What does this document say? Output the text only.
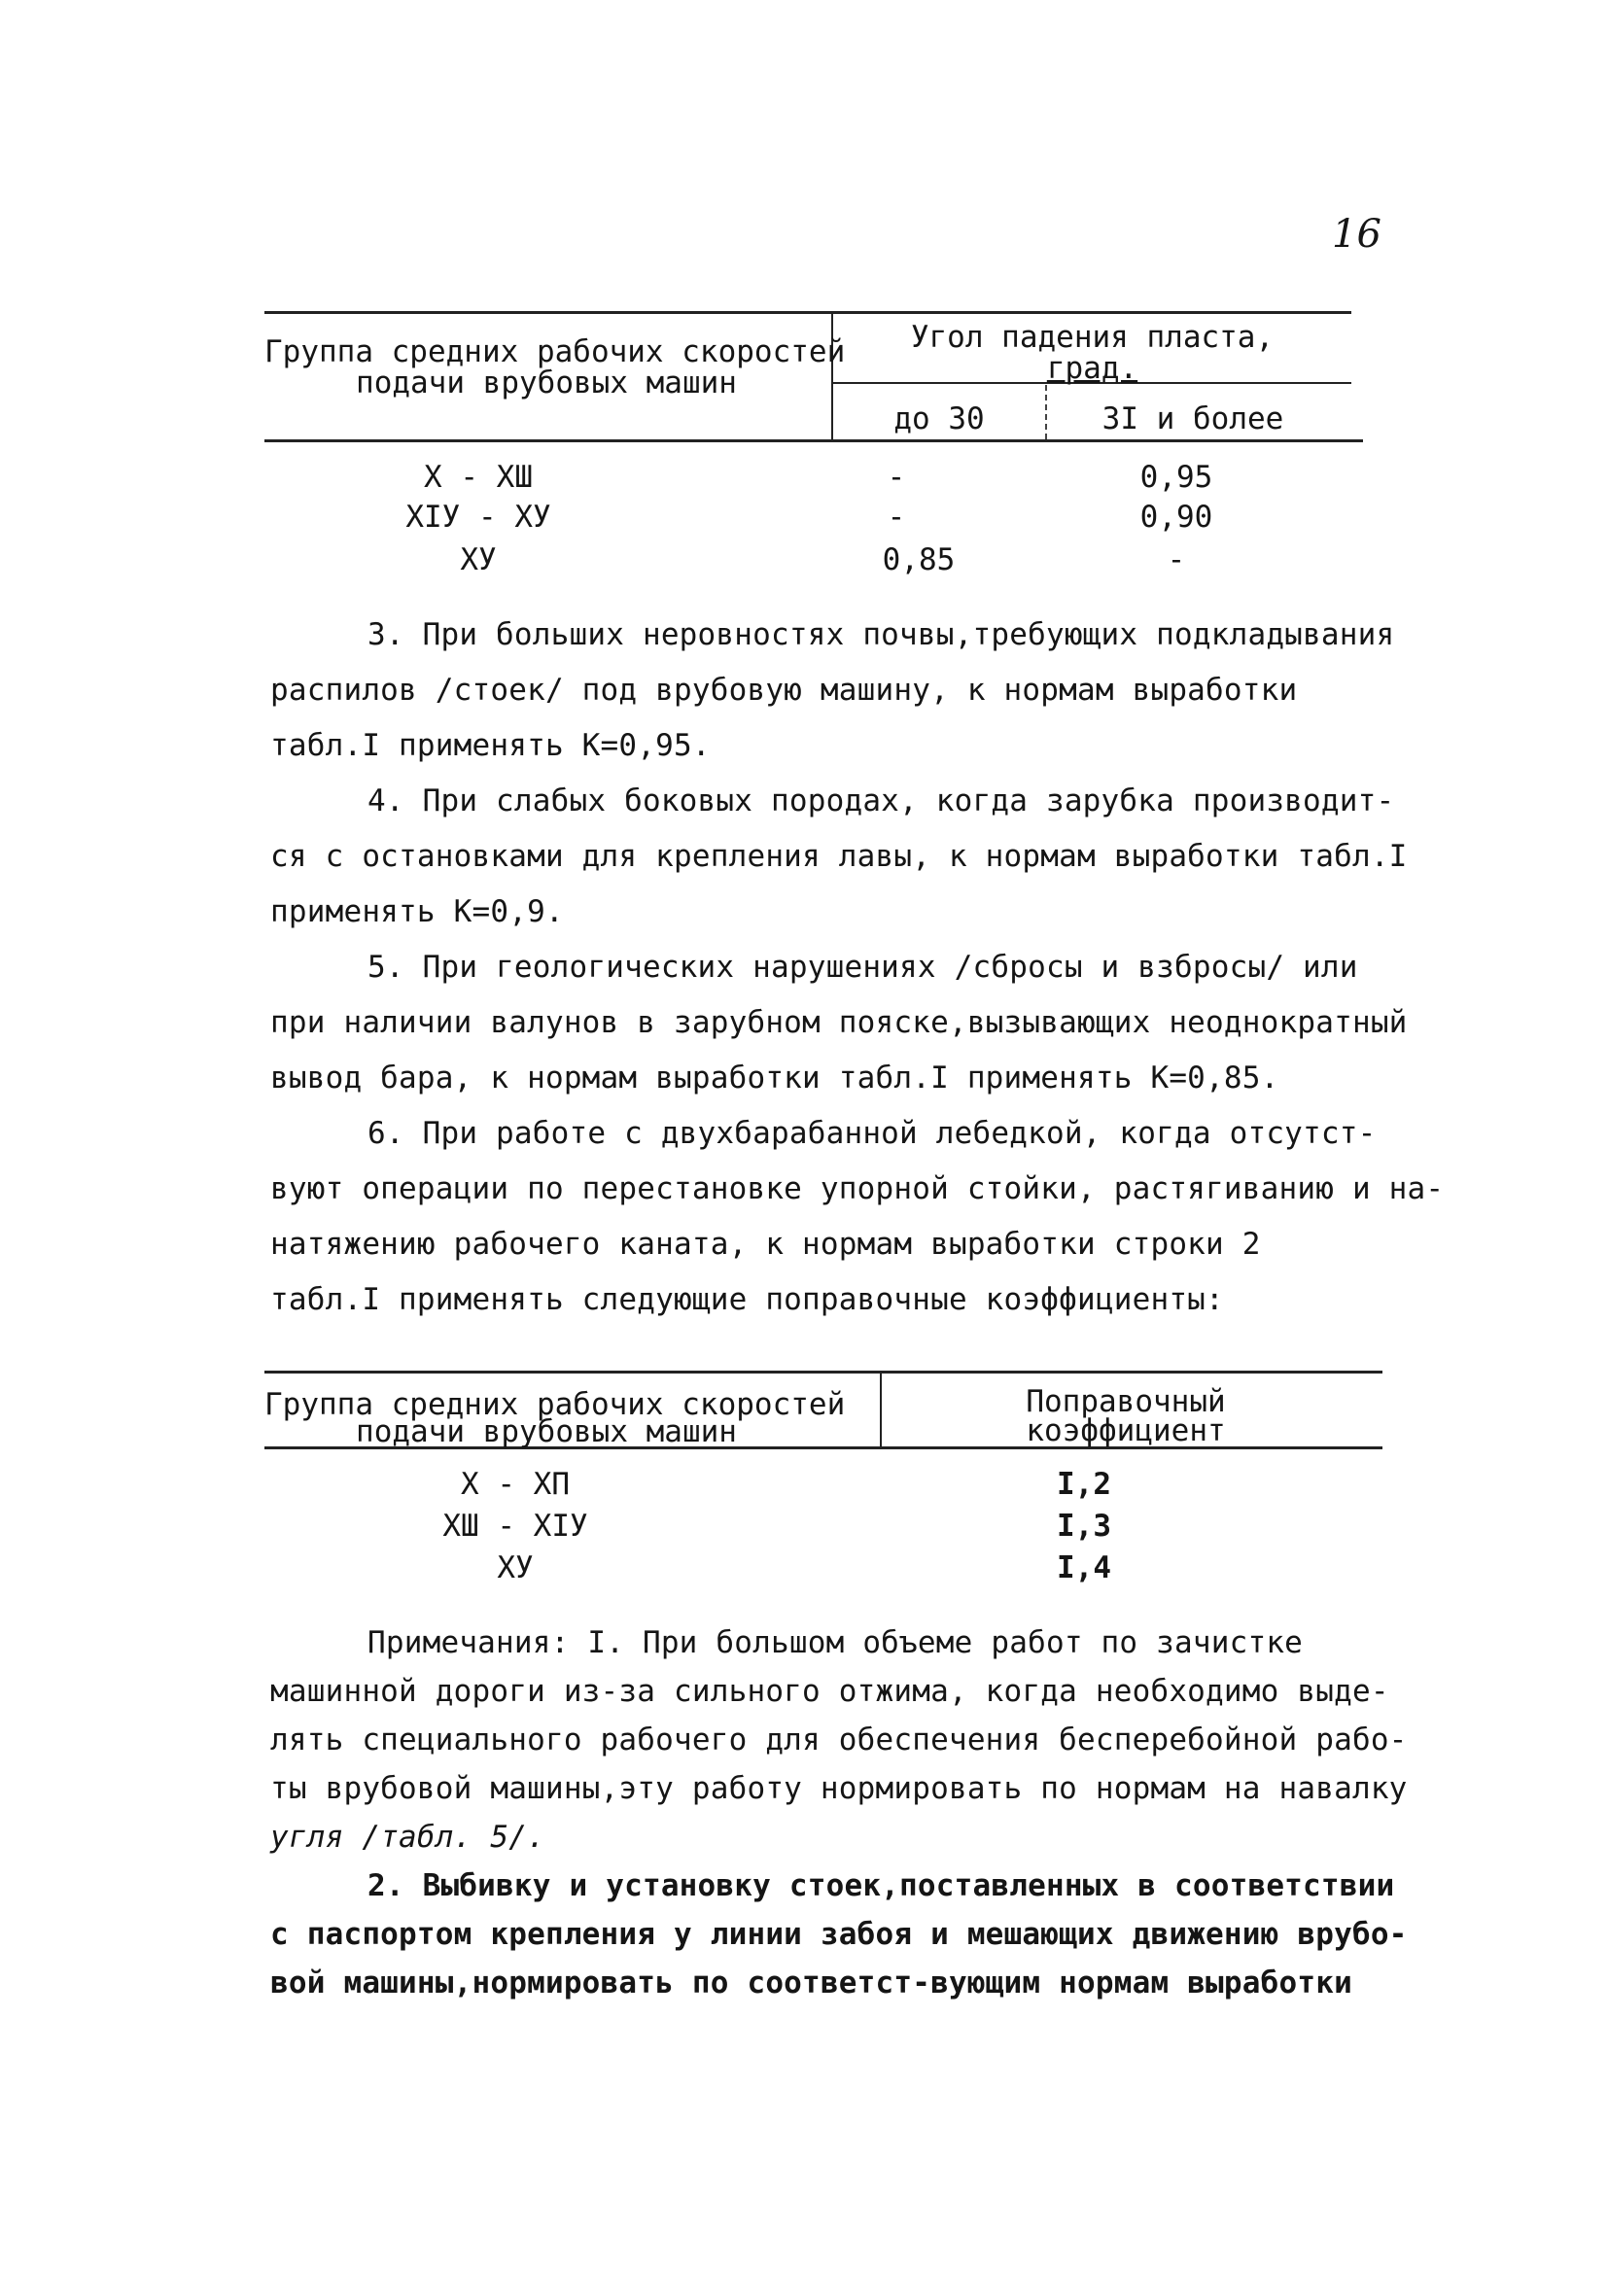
16
Группа средних рабочих скоростей
подачи врубовых машин
Угол падения пласта,
град.
до 30	3I и более
Х - ХШ	-	0,95
ХIУ - ХУ	-	0,90
ХУ	0,85	-
3. При больших неровностях почвы,требующих подкладывания
распилов /стоек/ под врубовую машину, к нормам выработки
табл.I применять К=0,95.
4. При слабых боковых породах, когда зарубка производит-
ся с остановками для крепления лавы, к нормам выработки табл.I
применять К=0,9.
5. При геологических нарушениях /сбросы и взбросы/ или
при наличии валунов в зарубном пояске,вызывающих неоднократный
вывод бара, к нормам выработки табл.I применять К=0,85.
6. При работе с двухбарабанной лебедкой, когда отсутст-
вуют операции по перестановке упорной стойки, растягиванию и на-
натяжению рабочего каната, к нормам выработки строки 2
табл.I применять следующие поправочные коэффициенты:
Группа средних рабочих скоростей
подачи врубовых машин
Поправочный
коэффициент
Х - ХП	I,2
ХШ - ХIУ	I,3
ХУ	I,4
Примечания: I. При большом объеме работ по зачистке
машинной дороги из-за сильного отжима, когда необходимо выде-
лять специального рабочего для обеспечения бесперебойной рабо-
ты врубовой машины,эту работу нормировать по нормам на навалку
угля /табл. 5/.
2. Выбивку и установку стоек,поставленных в соответствии
с паспортом крепления у линии забоя и мешающих движению врубо-
вой машины,нормировать по соответст-вующим нормам выработки
